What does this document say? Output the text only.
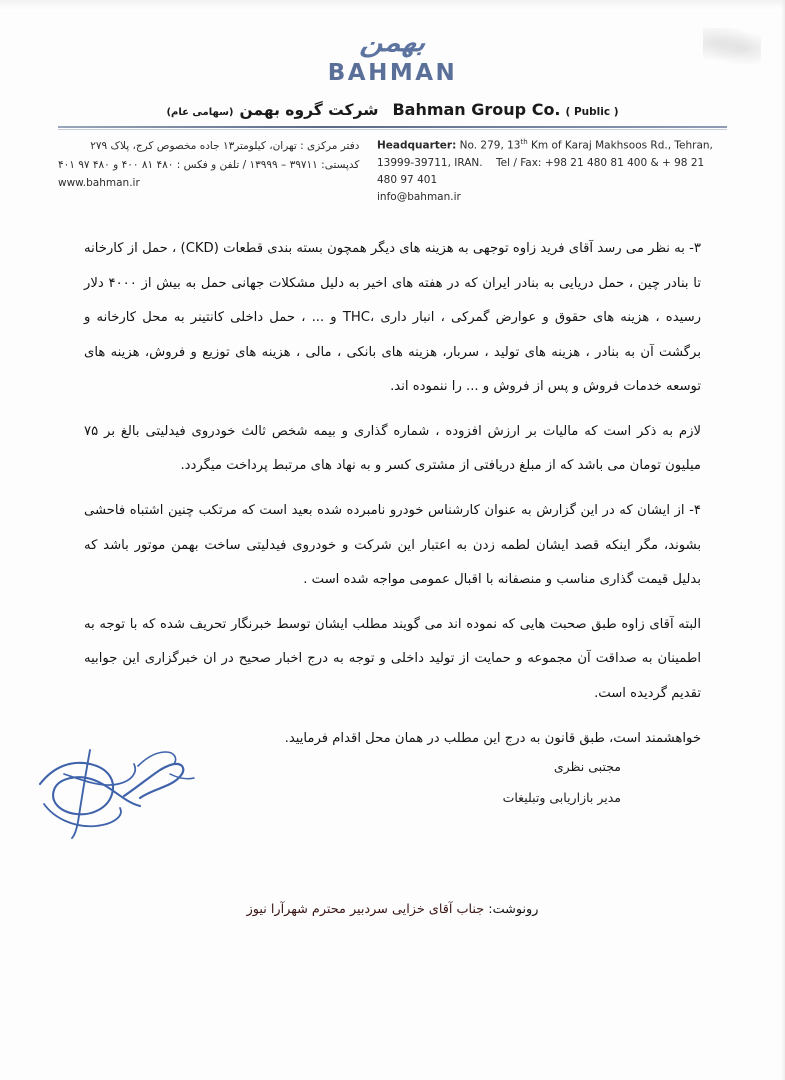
بهمن
BAHMAN
Bahman Group Co. ( Public )
شرکت گروه بهمن(سهامی عام)
Headquarter: No. 279, 13th Km of Karaj Makhsoos Rd., Tehran,
13999-39711, IRAN. Tel / Fax: +98 21 480 81 400 & + 98 21 480 97 401
info@bahman.ir
دفتر مرکزی : تهران، کیلومتر۱۳ جاده مخصوص کرج، پلاک ۲۷۹
کدپستی: ۳۹۷۱۱ – ۱۳۹۹۹ / تلفن و فکس : ۴۸۰ ۸۱ ۴۰۰ و ۴۸۰ ۹۷ ۴۰۱
www.bahman.ir

۳- به نظر می رسد آقای فرید زاوه توجهی به هزینه های دیگر همچون بسته بندی قطعات (CKD) ، حمل از کارخانه تا بنادر چین ، حمل دریایی به بنادر ایران که در هفته های اخیر به دلیل مشکلات جهانی حمل به بیش از ۴۰۰۰ دلار رسیده ، هزینه های حقوق و عوارض گمرکی ، انبار داری ،THC و ... ، حمل داخلی کانتینر به محل کارخانه و برگشت آن به بنادر ، هزینه های تولید ، سربار، هزینه های بانکی ، مالی ، هزینه های توزیع و فروش، هزینه های توسعه خدمات فروش و پس از فروش و ... را ننموده اند.

لازم به ذکر است که مالیات بر ارزش افزوده ، شماره گذاری و بیمه شخص ثالث خودروی فیدلیتی بالغ بر ۷۵ میلیون تومان می باشد که از مبلغ دریافتی از مشتری کسر و به نهاد های مرتبط پرداخت میگردد.

۴- از ایشان که در این گزارش به عنوان کارشناس خودرو نامبرده شده بعید است که مرتکب چنین اشتباه فاحشی بشوند، مگر اینکه قصد ایشان لطمه زدن به اعتبار این شرکت و خودروی فیدلیتی ساخت بهمن موتور باشد که بدلیل قیمت گذاری مناسب و منصفانه با اقبال عمومی مواجه شده است .

البته آقای زاوه طبق صحبت هایی که نموده اند می گویند مطلب ایشان توسط خبرنگار تحریف شده که با توجه به اطمینان به صداقت آن مجموعه و حمایت از تولید داخلی و توجه به درج اخبار صحیح در ان خبرگزاری این جوابیه تقدیم گردیده است.

خواهشمند است، طبق قانون به درج این مطلب در همان محل اقدام فرمایید.

مجتبی نظری
مدیر بازاریابی وتبلیغات
رونوشت: جناب آقای خزایی سردبیر محترم شهرآرا نیوز
